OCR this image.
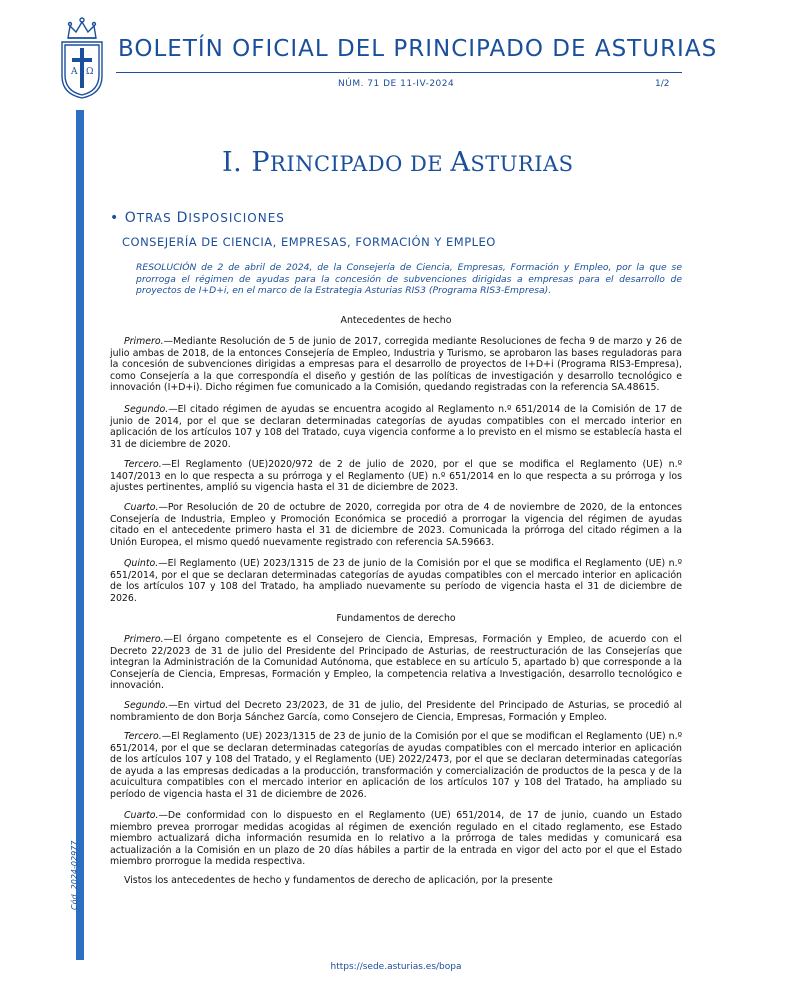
A Ω
BOLETÍN OFICIAL DEL PRINCIPADO DE ASTURIAS
NÚM. 71 DE 11-IV-2024	1/2
Cód. 2024-02977
I. PRINCIPADO DE ASTURIAS
• OTRAS DISPOSICIONES
CONSEJERÍA DE CIENCIA, EMPRESAS, FORMACIÓN Y EMPLEO
RESOLUCIÓN de 2 de abril de 2024, de la Consejería de Ciencia, Empresas, Formación y Empleo, por la que se prorroga el régimen de ayudas para la concesión de subvenciones dirigidas a empresas para el desarrollo de proyectos de I+D+i, en el marco de la Estrategia Asturias RIS3 (Programa RIS3-Empresa).
Antecedentes de hecho
Primero.—Mediante Resolución de 5 de junio de 2017, corregida mediante Resoluciones de fecha 9 de marzo y 26 de julio ambas de 2018, de la entonces Consejería de Empleo, Industria y Turismo, se aprobaron las bases reguladoras para la concesión de subvenciones dirigidas a empresas para el desarrollo de proyectos de I+D+i (Programa RIS3-Empresa), como Consejería a la que correspondía el diseño y gestión de las políticas de investigación y desarrollo tecnológico e innovación (I+D+i). Dicho régimen fue comunicado a la Comisión, quedando registradas con la referencia SA.48615.
Segundo.—El citado régimen de ayudas se encuentra acogido al Reglamento n.º 651/2014 de la Comisión de 17 de junio de 2014, por el que se declaran determinadas categorías de ayudas compatibles con el mercado interior en aplicación de los artículos 107 y 108 del Tratado, cuya vigencia conforme a lo previsto en el mismo se establecía hasta el 31 de diciembre de 2020.
Tercero.—El Reglamento (UE)2020/972 de 2 de julio de 2020, por el que se modifica el Reglamento (UE) n.º 1407/2013 en lo que respecta a su prórroga y el Reglamento (UE) n.º 651/2014 en lo que respecta a su prórroga y los ajustes pertinentes, amplió su vigencia hasta el 31 de diciembre de 2023.
Cuarto.—Por Resolución de 20 de octubre de 2020, corregida por otra de 4 de noviembre de 2020, de la entonces Consejería de Industria, Empleo y Promoción Económica se procedió a prorrogar la vigencia del régimen de ayudas citado en el antecedente primero hasta el 31 de diciembre de 2023. Comunicada la prórroga del citado régimen a la Unión Europea, el mismo quedó nuevamente registrado con referencia SA.59663.
Quinto.—El Reglamento (UE) 2023/1315 de 23 de junio de la Comisión por el que se modifica el Reglamento (UE) n.º 651/2014, por el que se declaran determinadas categorías de ayudas compatibles con el mercado interior en aplicación de los artículos 107 y 108 del Tratado, ha ampliado nuevamente su período de vigencia hasta el 31 de diciembre de 2026.
Fundamentos de derecho
Primero.—El órgano competente es el Consejero de Ciencia, Empresas, Formación y Empleo, de acuerdo con el Decreto 22/2023 de 31 de julio del Presidente del Principado de Asturias, de reestructuración de las Consejerías que integran la Administración de la Comunidad Autónoma, que establece en su artículo 5, apartado b) que corresponde a la Consejería de Ciencia, Empresas, Formación y Empleo, la competencia relativa a Investigación, desarrollo tecnológico e innovación.
Segundo.—En virtud del Decreto 23/2023, de 31 de julio, del Presidente del Principado de Asturias, se procedió al nombramiento de don Borja Sánchez García, como Consejero de Ciencia, Empresas, Formación y Empleo.
Tercero.—El Reglamento (UE) 2023/1315 de 23 de junio de la Comisión por el que se modifican el Reglamento (UE) n.º 651/2014, por el que se declaran determinadas categorías de ayudas compatibles con el mercado interior en aplicación de los artículos 107 y 108 del Tratado, y el Reglamento (UE) 2022/2473, por el que se declaran determinadas categorías de ayuda a las empresas dedicadas a la producción, transformación y comercialización de productos de la pesca y de la acuicultura compatibles con el mercado interior en aplicación de los artículos 107 y 108 del Tratado, ha ampliado su período de vigencia hasta el 31 de diciembre de 2026.
Cuarto.—De conformidad con lo dispuesto en el Reglamento (UE) 651/2014, de 17 de junio, cuando un Estado miembro prevea prorrogar medidas acogidas al régimen de exención regulado en el citado reglamento, ese Estado miembro actualizará dicha información resumida en lo relativo a la prórroga de tales medidas y comunicará esa actualización a la Comisión en un plazo de 20 días hábiles a partir de la entrada en vigor del acto por el que el Estado miembro prorrogue la medida respectiva.
Vistos los antecedentes de hecho y fundamentos de derecho de aplicación, por la presente
https://sede.asturias.es/bopa
